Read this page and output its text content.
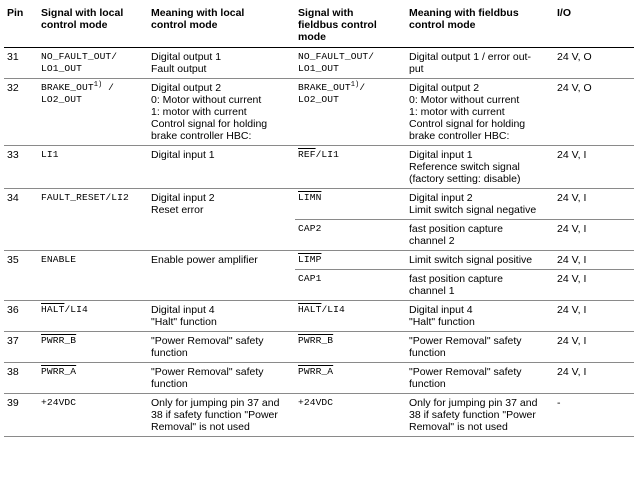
Pin	Signal with local
control mode	Meaning with local
control mode	Signal with
fieldbus control
mode	Meaning with fieldbus
control mode	I/O
31	NO_FAULT_OUT/
LO1_OUT	Digital output 1
Fault output	NO_FAULT_OUT/
LO1_OUT	Digital output 1 / error out-
put	24 V, O
32	BRAKE_OUT$^{1)}$ /
LO2_OUT	Digital output 2
0: Motor without current
1: motor with current
Control signal for holding
brake controller HBC:	BRAKE_OUT$^{1)}$/
LO2_OUT	Digital output 2
0: Motor without current
1: motor with current
Control signal for holding
brake controller HBC:	24 V, O
33	LI1	Digital input 1	$\overline{REF}/LI1$	Digital input 1
Reference switch signal
(factory setting: disable)	24 V, I
34	FAULT_RESET/LI2	Digital input 2
Reset error	LIMN	Digital input 2
Limit switch signal negative	24 V, I
			CAP2	fast position capture
channel 2	24 V, I
35	ENABLE	Enable power amplifier	LIMP	Limit switch signal positive	24 V, I
			CAP1	fast position capture
channel 1	24 V, I
36	HALT/LI4	Digital input 4
"Halt" function	HALT/LI4	Digital input 4
"Halt" function	24 V, I
37	PWRR_B	"Power Removal" safety
function	PWRR_B	"Power Removal" safety
function	24 V, I
38	PWRR_A	"Power Removal" safety
function	PWRR_A	"Power Removal" safety
function	24 V, I
39	+24VDC	Only for jumping pin 37 and
38 if safety function "Power
Removal" is not used	+24VDC	Only for jumping pin 37 and
38 if safety function "Power
Removal" is not used	-
